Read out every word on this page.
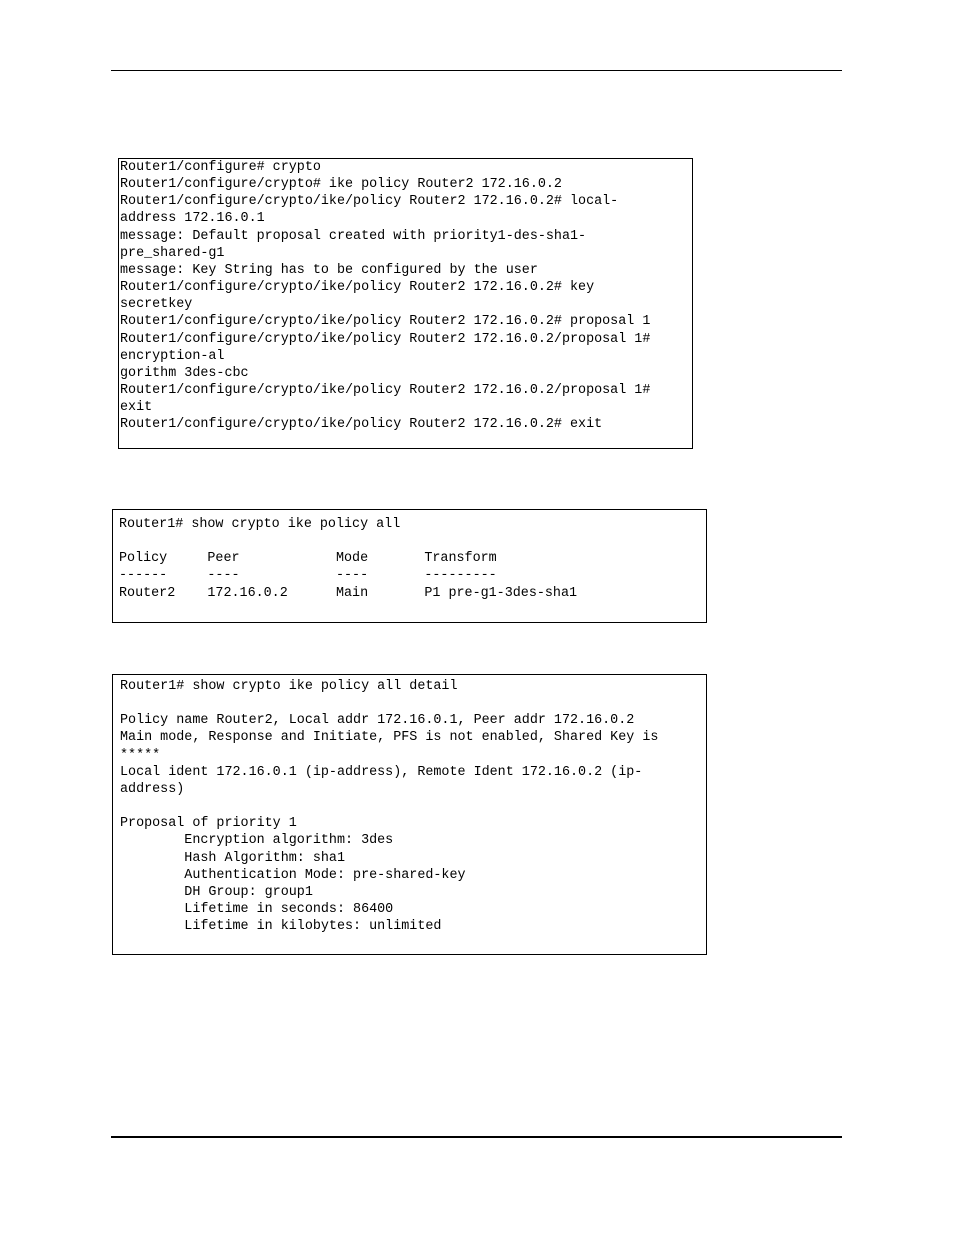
Router1/configure# crypto
Router1/configure/crypto# ike policy Router2 172.16.0.2
Router1/configure/crypto/ike/policy Router2 172.16.0.2# local-
address 172.16.0.1
message: Default proposal created with priority1-des-sha1-
pre_shared-g1
message: Key String has to be configured by the user
Router1/configure/crypto/ike/policy Router2 172.16.0.2# key
secretkey
Router1/configure/crypto/ike/policy Router2 172.16.0.2# proposal 1
Router1/configure/crypto/ike/policy Router2 172.16.0.2/proposal 1#
encryption-al
gorithm 3des-cbc
Router1/configure/crypto/ike/policy Router2 172.16.0.2/proposal 1#
exit
Router1/configure/crypto/ike/policy Router2 172.16.0.2# exit
Router1# show crypto ike policy all

Policy     Peer            Mode       Transform
------     ----            ----       ---------
Router2    172.16.0.2      Main       P1 pre-g1-3des-sha1
Router1# show crypto ike policy all detail

Policy name Router2, Local addr 172.16.0.1, Peer addr 172.16.0.2
Main mode, Response and Initiate, PFS is not enabled, Shared Key is
*****
Local ident 172.16.0.1 (ip-address), Remote Ident 172.16.0.2 (ip-
address)

Proposal of priority 1
Encryption algorithm: 3des
Hash Algorithm: sha1
Authentication Mode: pre-shared-key
DH Group: group1
Lifetime in seconds: 86400
Lifetime in kilobytes: unlimited
